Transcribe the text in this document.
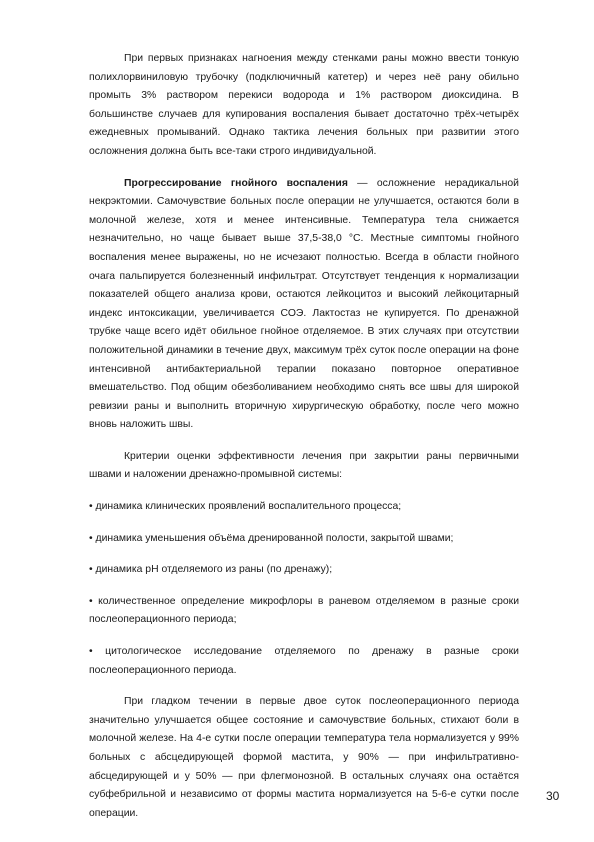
При первых признаках нагноения между стенками раны можно ввести тонкую полихлорвиниловую трубочку (подключичный катетер) и через неё рану обильно промыть 3% раствором перекиси водорода и 1% раствором диоксидина. В большинстве случаев для купирования воспаления бывает достаточно трёх-четырёх ежедневных промываний. Однако тактика лечения больных при развитии этого осложнения должна быть все-таки строго индивидуальной.

Прогрессирование гнойного воспаления — осложнение нерадикальной некрэктомии. Самочувствие больных после операции не улучшается, остаются боли в молочной железе, хотя и менее интенсивные. Температура тела снижается незначительно, но чаще бывает выше 37,5-38,0 °С. Местные симптомы гнойного воспаления менее выражены, но не исчезают полностью. Всегда в области гнойного очага пальпируется болезненный инфильтрат. Отсутствует тенденция к нормализации показателей общего анализа крови, остаются лейкоцитоз и высокий лейкоцитарный индекс интоксикации, увеличивается СОЭ. Лактостаз не купируется. По дренажной трубке чаще всего идёт обильное гнойное отделяемое. В этих случаях при отсутствии положительной динамики в течение двух, максимум трёх суток после операции на фоне интенсивной антибактериальной терапии показано повторное оперативное вмешательство. Под общим обезболиванием необходимо снять все швы для широкой ревизии раны и выполнить вторичную хирургическую обработку, после чего можно вновь наложить швы.

Критерии оценки эффективности лечения при закрытии раны первичными швами и наложении дренажно-промывной системы:

• динамика клинических проявлений воспалительного процесса;

• динамика уменьшения объёма дренированной полости, закрытой швами;

• динамика pH отделяемого из раны (по дренажу);

• количественное определение микрофлоры в раневом отделяемом в разные сроки послеоперационного периода;

• цитологическое исследование отделяемого по дренажу в разные сроки послеоперационного периода.

При гладком течении в первые двое суток послеоперационного периода значительно улучшается общее состояние и самочувствие больных, стихают боли в молочной железе. На 4-е сутки после операции температура тела нормализуется у 99% больных с абсцедирующей формой мастита, у 90% — при инфильтративно-абсцедирующей и у 50% — при флегмонозной. В остальных случаях она остаётся субфебрильной и независимо от формы мастита нормализуется на 5-6-е сутки после операции.

30
